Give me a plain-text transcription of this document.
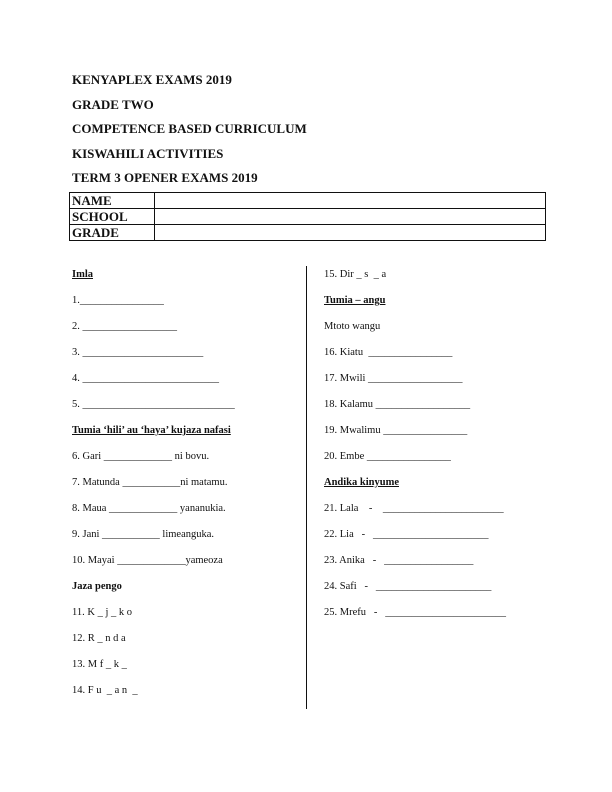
KENYAPLEX EXAMS 2019
GRADE TWO
COMPETENCE BASED CURRICULUM
KISWAHILI ACTIVITIES
TERM 3 OPENER EXAMS 2019
NAME	
SCHOOL	
GRADE	
Imla
1.________________
2. __________________
3. _______________________
4. __________________________
5. _____________________________
Tumia ‘hili’ au ‘haya’ kujaza nafasi
6. Gari _____________ ni bovu.
7. Matunda ___________ni matamu.
8. Maua _____________ yananukia.
9. Jani ___________ limeanguka.
10. Mayai _____________yameoza
Jaza pengo
11. K _ j _ k o
12. R _ n d a
13. M f _ k _
14. F u  _ a n  _
15. Dir _ s  _ a
Tumia – angu
Mtoto wangu
16. Kiatu  ________________
17. Mwili __________________
18. Kalamu __________________
19. Mwalimu ________________
20. Embe ________________
Andika kinyume
21. Lala    -    _______________________
22. Lia   -   ______________________
23. Anika   -   _________________
24. Safi   -   ______________________
25. Mrefu   -   _______________________
